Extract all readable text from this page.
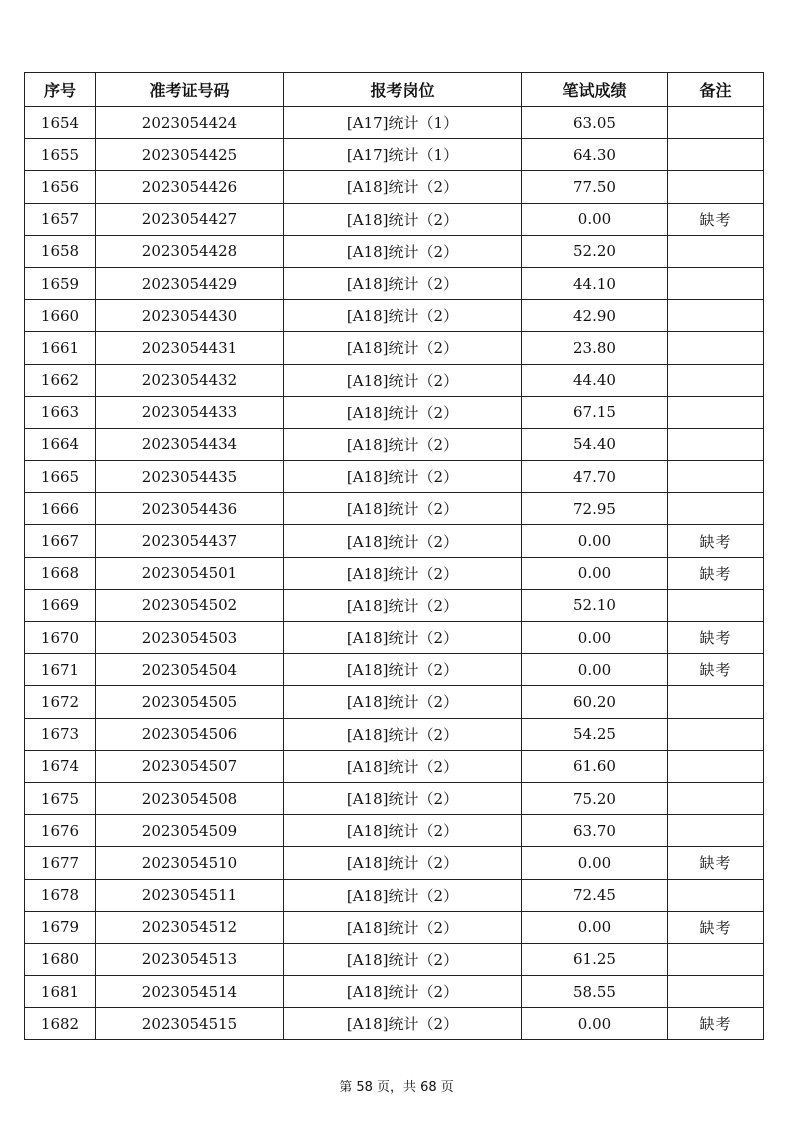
序号	准考证号码	报考岗位	笔试成绩	备注
1654	2023054424	[A17]统计（1）	63.05	
1655	2023054425	[A17]统计（1）	64.30	
1656	2023054426	[A18]统计（2）	77.50	
1657	2023054427	[A18]统计（2）	0.00	缺考
1658	2023054428	[A18]统计（2）	52.20	
1659	2023054429	[A18]统计（2）	44.10	
1660	2023054430	[A18]统计（2）	42.90	
1661	2023054431	[A18]统计（2）	23.80	
1662	2023054432	[A18]统计（2）	44.40	
1663	2023054433	[A18]统计（2）	67.15	
1664	2023054434	[A18]统计（2）	54.40	
1665	2023054435	[A18]统计（2）	47.70	
1666	2023054436	[A18]统计（2）	72.95	
1667	2023054437	[A18]统计（2）	0.00	缺考
1668	2023054501	[A18]统计（2）	0.00	缺考
1669	2023054502	[A18]统计（2）	52.10	
1670	2023054503	[A18]统计（2）	0.00	缺考
1671	2023054504	[A18]统计（2）	0.00	缺考
1672	2023054505	[A18]统计（2）	60.20	
1673	2023054506	[A18]统计（2）	54.25	
1674	2023054507	[A18]统计（2）	61.60	
1675	2023054508	[A18]统计（2）	75.20	
1676	2023054509	[A18]统计（2）	63.70	
1677	2023054510	[A18]统计（2）	0.00	缺考
1678	2023054511	[A18]统计（2）	72.45	
1679	2023054512	[A18]统计（2）	0.00	缺考
1680	2023054513	[A18]统计（2）	61.25	
1681	2023054514	[A18]统计（2）	58.55	
1682	2023054515	[A18]统计（2）	0.00	缺考
第 58 页，共 68 页
